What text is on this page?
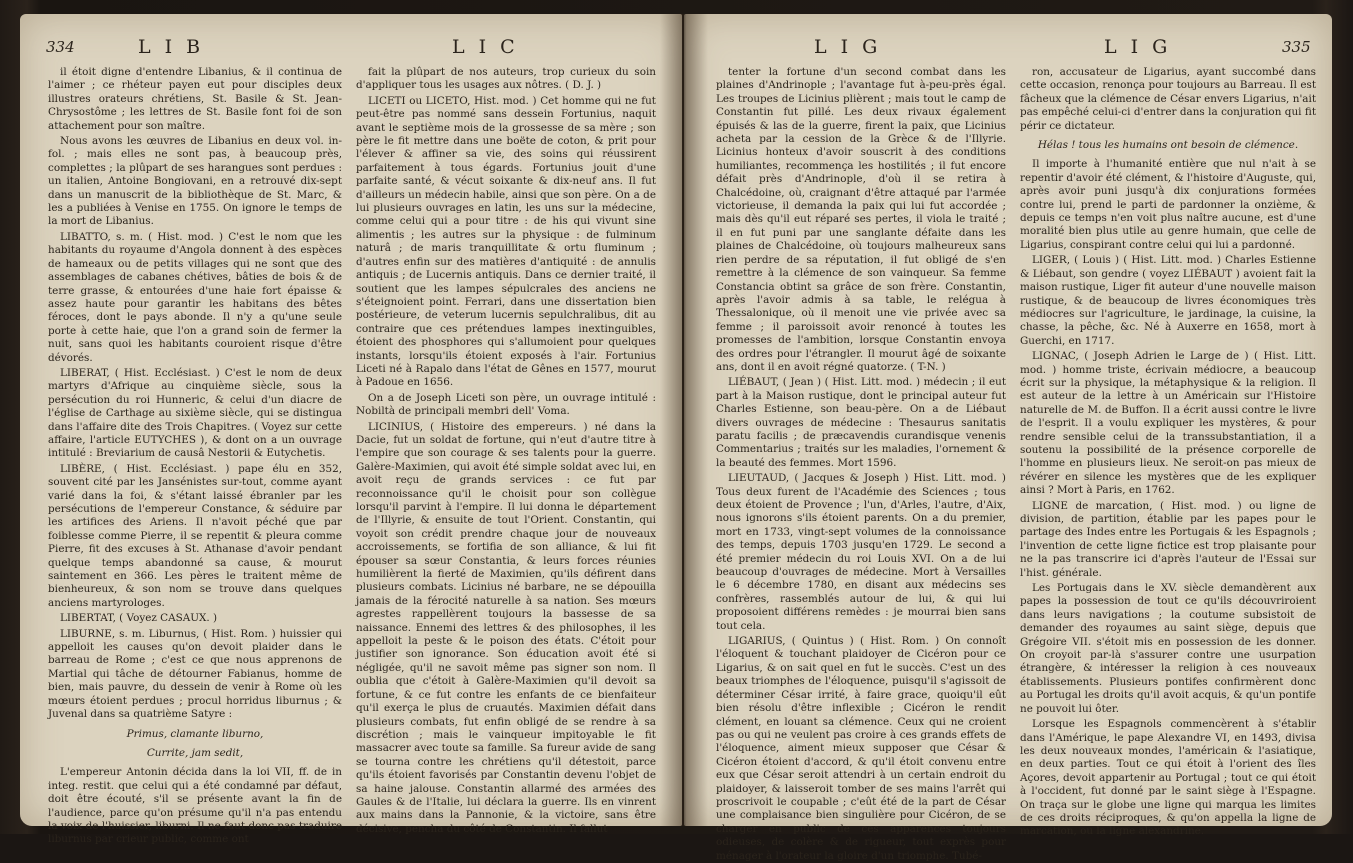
334	LIB	LIC

il étoit digne d'entendre Libanius, & il continua de l'aimer ; ce rhéteur payen eut pour disciples deux illustres orateurs chrétiens, St. Basile & St. Jean-Chrysostôme ; les lettres de St. Basile font foi de son attachement pour son maître.

Nous avons les œuvres de Libanius en deux vol. in-fol. ; mais elles ne sont pas, à beaucoup près, complettes ; la plûpart de ses harangues sont perdues : un italien, Antoine Bongiovani, en a retrouvé dix-sept dans un manuscrit de la bibliothèque de St. Marc, & les a publiées à Venise en 1755. On ignore le temps de la mort de Libanius.

LIBATTO, s. m. ( Hist. mod. ) C'est le nom que les habitants du royaume d'Angola donnent à des espèces de hameaux ou de petits villages qui ne sont que des assemblages de cabanes chétives, bâties de bois & de terre grasse, & entourées d'une haie fort épaisse & assez haute pour garantir les habitans des bêtes féroces, dont le pays abonde. Il n'y a qu'une seule porte à cette haie, que l'on a grand soin de fermer la nuit, sans quoi les habitants couroient risque d'être dévorés.

LIBERAT, ( Hist. Ecclésiast. ) C'est le nom de deux martyrs d'Afrique au cinquième siècle, sous la persécution du roi Hunneric, & celui d'un diacre de l'église de Carthage au sixième siècle, qui se distingua dans l'affaire dite des Trois Chapitres. ( Voyez sur cette affaire, l'article EUTYCHES ), & dont on a un ouvrage intitulé : Breviarium de causâ Nestorii & Eutychetis.

LIBÈRE, ( Hist. Ecclésiast. ) pape élu en 352, souvent cité par les Jansénistes sur-tout, comme ayant varié dans la foi, & s'étant laissé ébranler par les persécutions de l'empereur Constance, & séduire par les artifices des Ariens. Il n'avoit péché que par foiblesse comme Pierre, il se repentit & pleura comme Pierre, fit des excuses à St. Athanase d'avoir pendant quelque temps abandonné sa cause, & mourut saintement en 366. Les pères le traitent même de bienheureux, & son nom se trouve dans quelques anciens martyrologes.

LIBERTAT, ( Voyez CASAUX. )

LIBURNE, s. m. Liburnus, ( Hist. Rom. ) huissier qui appelloit les causes qu'on devoit plaider dans le barreau de Rome ; c'est ce que nous apprenons de Martial qui tâche de détourner Fabianus, homme de bien, mais pauvre, du dessein de venir à Rome où les mœurs étoient perdues ; procul horridus liburnus ; & Juvenal dans sa quatrième Satyre :

Primus, clamante liburno,

Currite, jam sedit,

L'empereur Antonin décida dans la loi VII, ff. de in integ. restit. que celui qui a été condamné par défaut, doit être écouté, s'il se présente avant la fin de l'audience, parce qu'on présume qu'il n'a pas entendu la voix de l'huissier, liburni. Il ne faut donc pas traduire liburnus par crieur public, comme ont

fait la plûpart de nos auteurs, trop curieux du soin d'appliquer tous les usages aux nôtres. ( D. J. )

LICETI ou LICETO, Hist. mod. ) Cet homme qui ne fut peut-être pas nommé sans dessein Fortunius, naquit avant le septième mois de la grossesse de sa mère ; son père le fit mettre dans une boëte de coton, & prit pour l'élever & affiner sa vie, des soins qui réussirent parfaitement à tous égards. Fortunius jouit d'une parfaite santé, & vécut soixante & dix-neuf ans. Il fut d'ailleurs un médecin habile, ainsi que son père. On a de lui plusieurs ouvrages en latin, les uns sur la médecine, comme celui qui a pour titre : de his qui vivunt sine alimentis ; les autres sur la physique : de fulminum naturâ ; de maris tranquillitate & ortu fluminum ; d'autres enfin sur des matières d'antiquité : de annulis antiquis ; de Lucernis antiquis. Dans ce dernier traité, il soutient que les lampes sépulcrales des anciens ne s'éteignoient point. Ferrari, dans une dissertation bien postérieure, de veterum lucernis sepulchralibus, dit au contraire que ces prétendues lampes inextinguibles, étoient des phosphores qui s'allumoient pour quelques instants, lorsqu'ils étoient exposés à l'air. Fortunius Liceti né à Rapalo dans l'état de Gênes en 1577, mourut à Padoue en 1656.

On a de Joseph Liceti son père, un ouvrage intitulé : Nobiltà de principali membri dell' Voma.

LICINIUS, ( Histoire des empereurs. ) né dans la Dacie, fut un soldat de fortune, qui n'eut d'autre titre à l'empire que son courage & ses talents pour la guerre. Galère-Maximien, qui avoit été simple soldat avec lui, en avoit reçu de grands services : ce fut par reconnoissance qu'il le choisit pour son collègue lorsqu'il parvint à l'empire. Il lui donna le département de l'Illyrie, & ensuite de tout l'Orient. Constantin, qui voyoit son crédit prendre chaque jour de nouveaux accroissements, se fortifia de son alliance, & lui fit épouser sa sœur Constantia, & leurs forces réunies humilièrent la fierté de Maximien, qu'ils défirent dans plusieurs combats. Licinius né barbare, ne se dépouilla jamais de la férocité naturelle à sa nation. Ses mœurs agrestes rappellèrent toujours la bassesse de sa naissance. Ennemi des lettres & des philosophes, il les appelloit la peste & le poison des états. C'étoit pour justifier son ignorance. Son éducation avoit été si négligée, qu'il ne savoit même pas signer son nom. Il oublia que c'étoit à Galère-Maximien qu'il devoit sa fortune, & ce fut contre les enfants de ce bienfaiteur qu'il exerça le plus de cruautés. Maximien défait dans plusieurs combats, fut enfin obligé de se rendre à sa discrétion ; mais le vainqueur impitoyable le fit massacrer avec toute sa famille. Sa fureur avide de sang se tourna contre les chrétiens qu'il détestoit, parce qu'ils étoient favorisés par Constantin devenu l'objet de sa haine jalouse. Constantin allarmé des armées des Gaules & de l'Italie, lui déclara la guerre. Ils en vinrent aux mains dans la Pannonie, & la victoire, sans être décisive, pencha du côté de Constantin. Il fallut

LIG	LIG	335

tenter la fortune d'un second combat dans les plaines d'Andrinople ; l'avantage fut à-peu-près égal. Les troupes de Licinius plièrent ; mais tout le camp de Constantin fut pillé. Les deux rivaux également épuisés & las de la guerre, firent la paix, que Licinius acheta par la cession de la Grèce & de l'Illyrie. Licinius honteux d'avoir souscrit à des conditions humiliantes, recommença les hostilités ; il fut encore défait près d'Andrinople, d'où il se retira à Chalcédoine, où, craignant d'être attaqué par l'armée victorieuse, il demanda la paix qui lui fut accordée ; mais dès qu'il eut réparé ses pertes, il viola le traité ; il en fut puni par une sanglante défaite dans les plaines de Chalcédoine, où toujours malheureux sans rien perdre de sa réputation, il fut obligé de s'en remettre à la clémence de son vainqueur. Sa femme Constancia obtint sa grâce de son frère. Constantin, après l'avoir admis à sa table, le relégua à Thessalonique, où il menoit une vie privée avec sa femme ; il paroissoit avoir renoncé à toutes les promesses de l'ambition, lorsque Constantin envoya des ordres pour l'étrangler. Il mourut âgé de soixante ans, dont il en avoit régné quatorze. ( T-N. )

LIÉBAUT, ( Jean ) ( Hist. Litt. mod. ) médecin ; il eut part à la Maison rustique, dont le principal auteur fut Charles Estienne, son beau-père. On a de Liébaut divers ouvrages de médecine : Thesaurus sanitatis paratu facilis ; de præcavendis curandisque venenis Commentarius ; traités sur les maladies, l'ornement & la beauté des femmes. Mort 1596.

LIEUTAUD, ( Jacques & Joseph ) Hist. Litt. mod. ) Tous deux furent de l'Académie des Sciences ; tous deux étoient de Provence ; l'un, d'Arles, l'autre, d'Aix, nous ignorons s'ils étoient parents. On a du premier, mort en 1733, vingt-sept volumes de la connoissance des temps, depuis 1703 jusqu'en 1729. Le second a été premier médecin du roi Louis XVI. On a de lui beaucoup d'ouvrages de médecine. Mort à Versailles le 6 décembre 1780, en disant aux médecins ses confrères, rassemblés autour de lui, & qui lui proposoient différens remèdes : je mourrai bien sans tout cela.

LIGARIUS, ( Quintus ) ( Hist. Rom. ) On connoît l'éloquent & touchant plaidoyer de Cicéron pour ce Ligarius, & on sait quel en fut le succès. C'est un des beaux triomphes de l'éloquence, puisqu'il s'agissoit de déterminer César irrité, à faire grace, quoiqu'il eût bien résolu d'être inflexible ; Cicéron le rendit clément, en louant sa clémence. Ceux qui ne croient pas ou qui ne veulent pas croire à ces grands effets de l'éloquence, aiment mieux supposer que César & Cicéron étoient d'accord, & qu'il étoit convenu entre eux que César seroit attendri à un certain endroit du plaidoyer, & laisseroit tomber de ses mains l'arrêt qui proscrivoit le coupable ; c'eût été de la part de César une complaisance bien singulière pour Cicéron, de se charger en public de ces apparences toujours odieuses, de colère & de rigueur, tout exprès pour ménager à l'orateur la gloire d'un triomphe. Tubé-

ron, accusateur de Ligarius, ayant succombé dans cette occasion, renonça pour toujours au Barreau. Il est fâcheux que la clémence de César envers Ligarius, n'ait pas empêché celui-ci d'entrer dans la conjuration qui fit périr ce dictateur.

Hélas ! tous les humains ont besoin de clémence.

Il importe à l'humanité entière que nul n'ait à se repentir d'avoir été clément, & l'histoire d'Auguste, qui, après avoir puni jusqu'à dix conjurations formées contre lui, prend le parti de pardonner la onzième, & depuis ce temps n'en voit plus naître aucune, est d'une moralité bien plus utile au genre humain, que celle de Ligarius, conspirant contre celui qui lui a pardonné.

LIGER, ( Louis ) ( Hist. Litt. mod. ) Charles Estienne & Liébaut, son gendre ( voyez LIÉBAUT ) avoient fait la maison rustique, Liger fit auteur d'une nouvelle maison rustique, & de beaucoup de livres économiques très médiocres sur l'agriculture, le jardinage, la cuisine, la chasse, la pêche, &c. Né à Auxerre en 1658, mort à Guerchi, en 1717.

LIGNAC, ( Joseph Adrien le Large de ) ( Hist. Litt. mod. ) homme triste, écrivain médiocre, a beaucoup écrit sur la physique, la métaphysique & la religion. Il est auteur de la lettre à un Américain sur l'Histoire naturelle de M. de Buffon. Il a écrit aussi contre le livre de l'esprit. Il a voulu expliquer les mystères, & pour rendre sensible celui de la transsubstantiation, il a soutenu la possibilité de la présence corporelle de l'homme en plusieurs lieux. Ne seroit-on pas mieux de révérer en silence les mystères que de les expliquer ainsi ? Mort à Paris, en 1762.

LIGNE de marcation, ( Hist. mod. ) ou ligne de division, de partition, établie par les papes pour le partage des Indes entre les Portugais & les Espagnols ; l'invention de cette ligne fictice est trop plaisante pour ne la pas transcrire ici d'après l'auteur de l'Essai sur l'hist. générale.

Les Portugais dans le XV. siècle demandèrent aux papes la possession de tout ce qu'ils découvriroient dans leurs navigations ; la coutume subsistoit de demander des royaumes au saint siège, depuis que Grégoire VII. s'étoit mis en possession de les donner. On croyoit par-là s'assurer contre une usurpation étrangère, & intéresser la religion à ces nouveaux établissements. Plusieurs pontifes confirmèrent donc au Portugal les droits qu'il avoit acquis, & qu'un pontife ne pouvoit lui ôter.

Lorsque les Espagnols commencèrent à s'établir dans l'Amérique, le pape Alexandre VI, en 1493, divisa les deux nouveaux mondes, l'américain & l'asiatique, en deux parties. Tout ce qui étoit à l'orient des îles Açores, devoit appartenir au Portugal ; tout ce qui étoit à l'occident, fut donné par le saint siège à l'Espagne. On traça sur le globe une ligne qui marqua les limites de ces droits réciproques, & qu'on appella la ligne de marcation, ou la ligne alexandrine.
